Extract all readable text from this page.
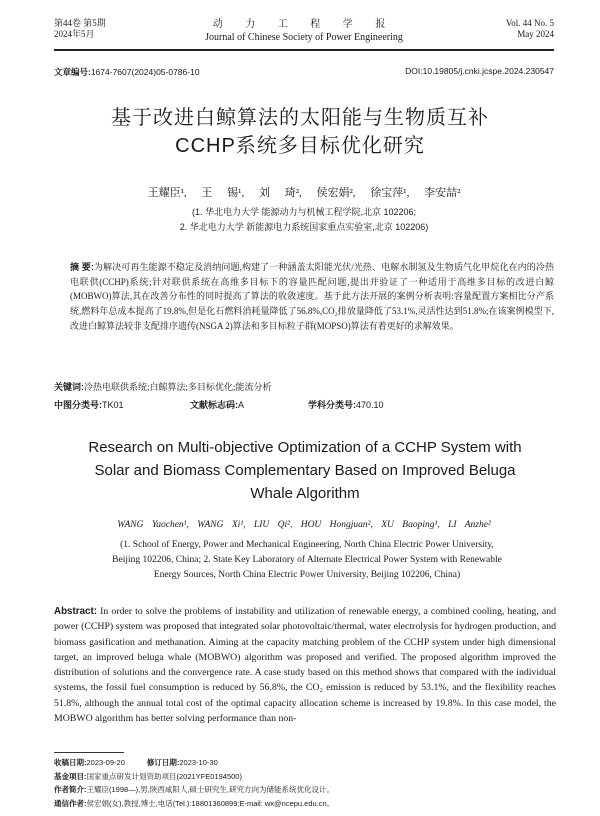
第44卷 第5期
2024年5月
动 力 工 程 学 报
Journal of Chinese Society of Power Engineering
Vol. 44 No. 5
May 2024
文章编号:1674-7607(2024)05-0786-10	DOI:10.19805/j.cnki.jcspe.2024.230547
基于改进白鲸算法的太阳能与生物质互补
CCHP系统多目标优化研究
王耀臣¹, 王 锡¹, 刘 琦², 侯宏娟², 徐宝萍¹, 李安喆²
(1. 华北电力大学 能源动力与机械工程学院,北京 102206;
2. 华北电力大学 新能源电力系统国家重点实验室,北京 102206)
摘 要:为解决可再生能源不稳定及消纳问题,构建了一种涵盖太阳能光伏/光热、电解水制氢及生物质气化甲烷化在内的冷热电联供(CCHP)系统;针对联供系统在高维多目标下的容量匹配问题,提出并验证了一种适用于高维多目标的改进白鲸(MOBWO)算法,其在改善分布性的同时提高了算法的收敛速度。基于此方法开展的案例分析表明:容量配置方案相比分产系统,燃料年总成本提高了19.8%,但是化石燃料消耗量降低了56.8%,CO₂排放量降低了53.1%,灵活性达到51.8%;在该案例模型下,改进白鲸算法较非支配排序遗传(NSGA 2)算法和多目标粒子群(MOPSO)算法有着更好的求解效果。
关键词:冷热电联供系统;白鲸算法;多目标优化;能流分析
中图分类号:TK01	文献标志码:A	学科分类号:470.10
Research on Multi-objective Optimization of a CCHP System with
Solar and Biomass Complementary Based on Improved Beluga
Whale Algorithm
WANG Yaochen¹, WANG Xi¹, LIU Qi², HOU Hongjuan², XU Baoping¹, LI Anzhe²
(1. School of Energy, Power and Mechanical Engineering, North China Electric Power University,
Beijing 102206, China; 2. State Key Laboratory of Alternate Electrical Power System with Renewable
Energy Sources, North China Electric Power University, Beijing 102206, China)
Abstract: In order to solve the problems of instability and utilization of renewable energy, a combined cooling, heating, and power (CCHP) system was proposed that integrated solar photovoltaic/thermal, water electrolysis for hydrogen production, and biomass gasification and methanation. Aiming at the capacity matching problem of the CCHP system under high dimensional target, an improved beluga whale (MOBWO) algorithm was proposed and verified. The proposed algorithm improved the distribution of solutions and the convergence rate. A case study based on this method shows that compared with the individual systems, the fossil fuel consumption is reduced by 56.8%, the CO₂ emission is reduced by 53.1%, and the flexibility reaches 51.8%, although the annual total cost of the optimal capacity allocation scheme is increased by 19.8%. In this case model, the MOBWO algorithm has better solving performance than non-
收稿日期:2023-09-20	修订日期:2023-10-30
基金项目:国家重点研发计划资助项目(2021YFE0194500)
作者简介:王耀臣(1998—),男,陕西咸阳人,硕士研究生,研究方向为储能系统优化设计。
通信作者:侯宏娟(女),教授,博士,电话(Tel.):18801360899;E-mail: wx@ncepu.edu.cn。
